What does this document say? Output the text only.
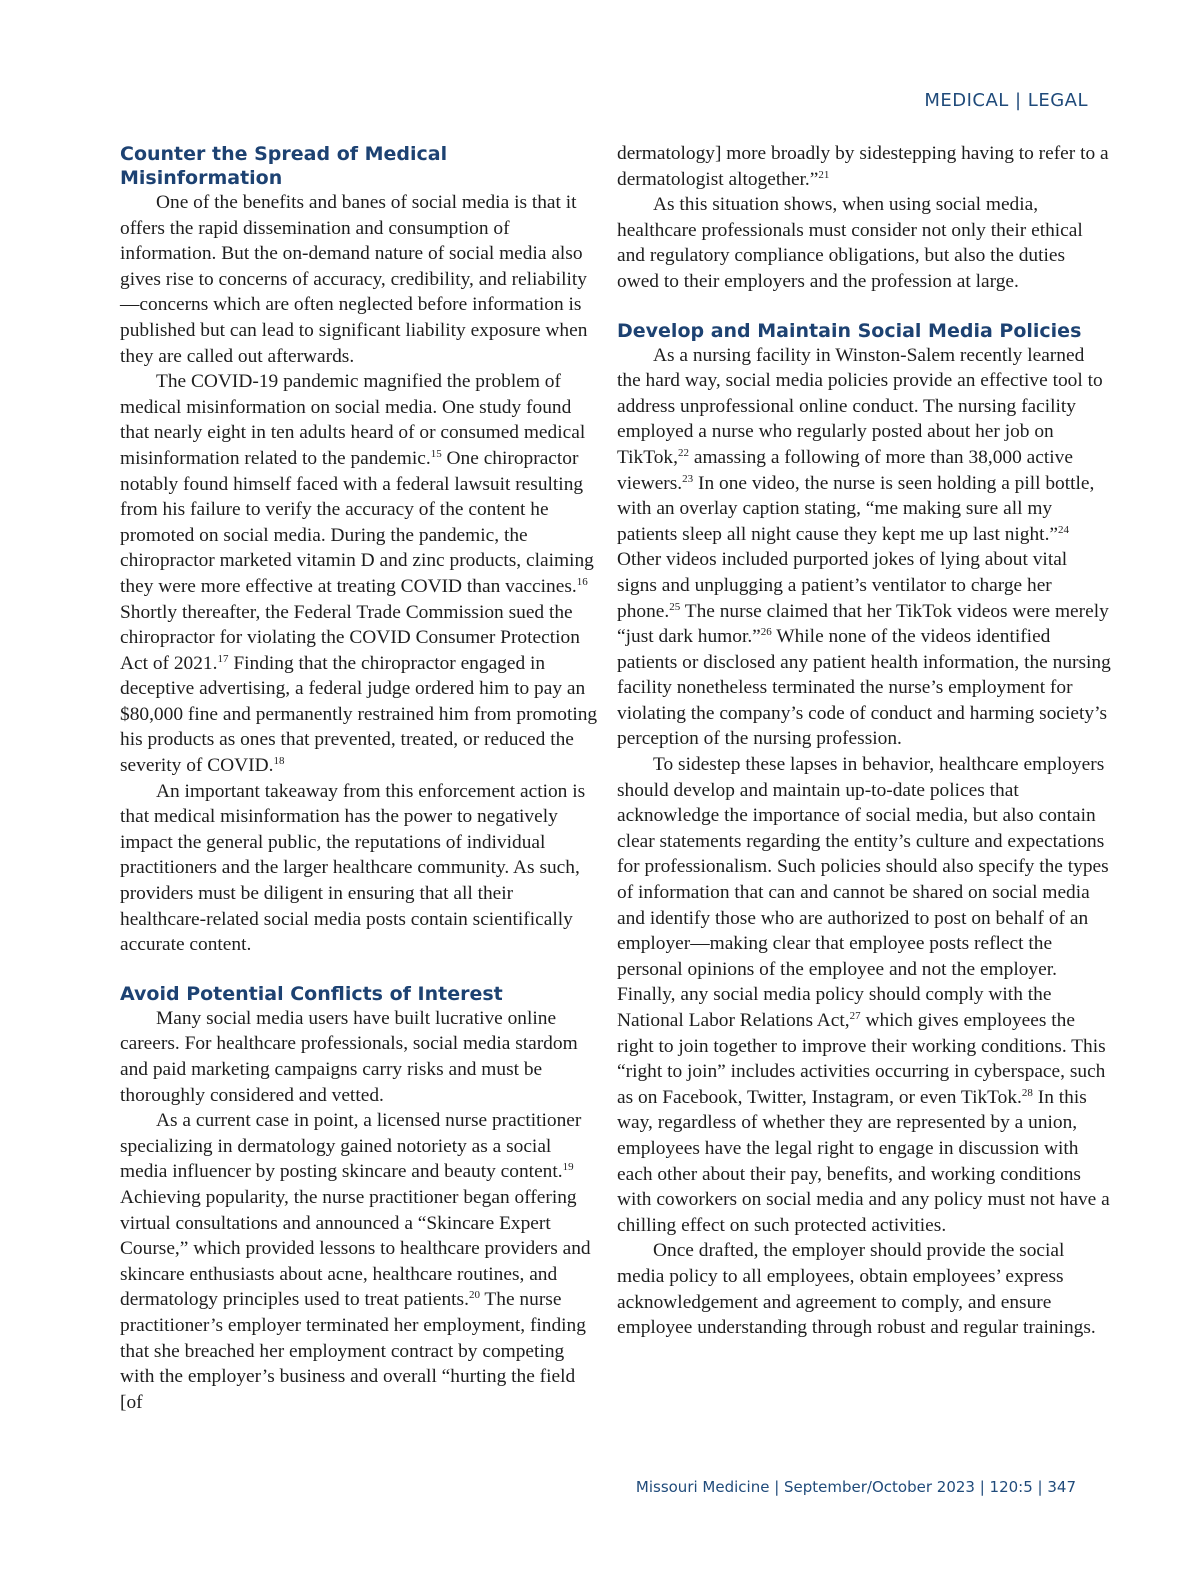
MEDICAL | LEGAL

Counter the Spread of Medical Misinformation

One of the benefits and banes of social media is that it offers the rapid dissemination and consumption of information. But the on-demand nature of social media also gives rise to concerns of accuracy, credibility, and reliability—concerns which are often neglected before information is published but can lead to significant liability exposure when they are called out afterwards.

The COVID-19 pandemic magnified the problem of medical misinformation on social media. One study found that nearly eight in ten adults heard of or consumed medical misinformation related to the pandemic.$^{15}$ One chiropractor notably found himself faced with a federal lawsuit resulting from his failure to verify the accuracy of the content he promoted on social media. During the pandemic, the chiropractor marketed vitamin D and zinc products, claiming they were more effective at treating COVID than vaccines.$^{16}$ Shortly thereafter, the Federal Trade Commission sued the chiropractor for violating the COVID Consumer Protection Act of 2021.17 Finding that the chiropractor engaged in deceptive advertising, a federal judge ordered him to pay an $80,000 fine and permanently restrained him from promoting his products as ones that prevented, treated, or reduced the severity of COVID.$^{18}$

An important takeaway from this enforcement action is that medical misinformation has the power to negatively impact the general public, the reputations of individual practitioners and the larger healthcare community. As such, providers must be diligent in ensuring that all their healthcare-related social media posts contain scientifically accurate content.

Avoid Potential Conflicts of Interest

Many social media users have built lucrative online careers. For healthcare professionals, social media stardom and paid marketing campaigns carry risks and must be thoroughly considered and vetted.

As a current case in point, a licensed nurse practitioner specializing in dermatology gained notoriety as a social media influencer by posting skincare and beauty content.$^{19}$ Achieving popularity, the nurse practitioner began offering virtual consultations and announced a “Skincare Expert Course,” which provided lessons to healthcare providers and skincare enthusiasts about acne, healthcare routines, and dermatology principles used to treat patients.$^{20}$ The nurse practitioner’s employer terminated her employment, finding that she breached her employment contract by competing with the employer’s business and overall “hurting the field [of

dermatology] more broadly by sidestepping having to refer to a dermatologist altogether.”$^{21}$

As this situation shows, when using social media, healthcare professionals must consider not only their ethical and regulatory compliance obligations, but also the duties owed to their employers and the profession at large.

Develop and Maintain Social Media Policies

As a nursing facility in Winston-Salem recently learned the hard way, social media policies provide an effective tool to address unprofessional online conduct. The nursing facility employed a nurse who regularly posted about her job on TikTok,$^{22}$ amassing a following of more than 38,000 active viewers.$^{23}$ In one video, the nurse is seen holding a pill bottle, with an overlay caption stating, “me making sure all my patients sleep all night cause they kept me up last night.”$^{24}$ Other videos included purported jokes of lying about vital signs and unplugging a patient’s ventilator to charge her phone.$^{25}$ The nurse claimed that her TikTok videos were merely “just dark humor.”$^{26}$ While none of the videos identified patients or disclosed any patient health information, the nursing facility nonetheless terminated the nurse’s employment for violating the company’s code of conduct and harming society’s perception of the nursing profession.

To sidestep these lapses in behavior, healthcare employers should develop and maintain up-to-date polices that acknowledge the importance of social media, but also contain clear statements regarding the entity’s culture and expectations for professionalism. Such policies should also specify the types of information that can and cannot be shared on social media and identify those who are authorized to post on behalf of an employer—making clear that employee posts reflect the personal opinions of the employee and not the employer. Finally, any social media policy should comply with the National Labor Relations Act,$^{27}$ which gives employees the right to join together to improve their working conditions. This “right to join” includes activities occurring in cyberspace, such as on Facebook, Twitter, Instagram, or even TikTok.$^{28}$ In this way, regardless of whether they are represented by a union, employees have the legal right to engage in discussion with each other about their pay, benefits, and working conditions with coworkers on social media and any policy must not have a chilling effect on such protected activities.

Once drafted, the employer should provide the social media policy to all employees, obtain employees’ express acknowledgement and agreement to comply, and ensure employee understanding through robust and regular trainings.

Missouri Medicine | September/October 2023 | 120:5 | 347
